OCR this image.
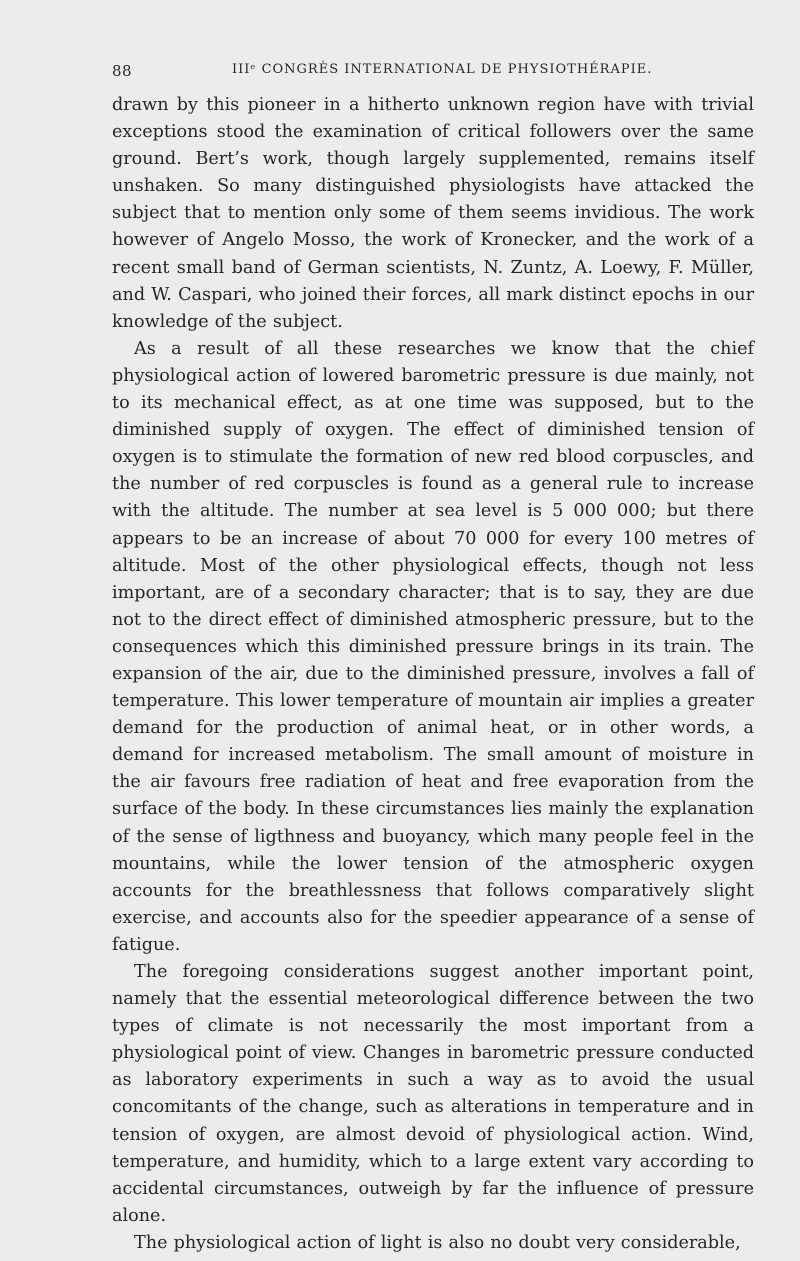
88	IIIᵉ CONGRÈS INTERNATIONAL DE PHYSIOTHÉRAPIE.

drawn by this pioneer in a hitherto unknown region have with trivial exceptions stood the examination of critical followers over the same ground. Bert’s work, though largely supplemented, remains itself unshaken. So many distinguished physiologists have attacked the subject that to mention only some of them seems invidious. The work however of Angelo Mosso, the work of Kronecker, and the work of a recent small band of German scientists, N. Zuntz, A. Loewy, F. Müller, and W. Caspari, who joined their forces, all mark distinct epochs in our knowledge of the subject.

As a result of all these researches we know that the chief physiological action of lowered barometric pressure is due mainly, not to its mechanical effect, as at one time was supposed, but to the diminished supply of oxygen. The effect of diminished tension of oxygen is to stimulate the formation of new red blood corpuscles, and the number of red corpuscles is found as a general rule to increase with the altitude. The number at sea level is 5 000 000; but there appears to be an increase of about 70 000 for every 100 metres of altitude. Most of the other physiological effects, though not less important, are of a secondary character; that is to say, they are due not to the direct effect of diminished atmospheric pressure, but to the consequences which this diminished pressure brings in its train. The expansion of the air, due to the diminished pressure, involves a fall of temperature. This lower temperature of mountain air implies a greater demand for the production of animal heat, or in other words, a demand for increased metabolism. The small amount of moisture in the air favours free radiation of heat and free evaporation from the surface of the body. In these circumstances lies mainly the explanation of the sense of ligthness and buoyancy, which many people feel in the mountains, while the lower tension of the atmospheric oxygen accounts for the breathlessness that follows comparatively slight exercise, and accounts also for the speedier appearance of a sense of fatigue.

The foregoing considerations suggest another important point, namely that the essential meteorological difference between the two types of climate is not necessarily the most important from a physiological point of view. Changes in barometric pressure conducted as laboratory experiments in such a way as to avoid the usual concomitants of the change, such as alterations in temperature and in tension of oxygen, are almost devoid of physiological action. Wind, temperature, and humidity, which to a large extent vary according to accidental circumstances, outweigh by far the influence of pressure alone.

The physiological action of light is also no doubt very considerable,
